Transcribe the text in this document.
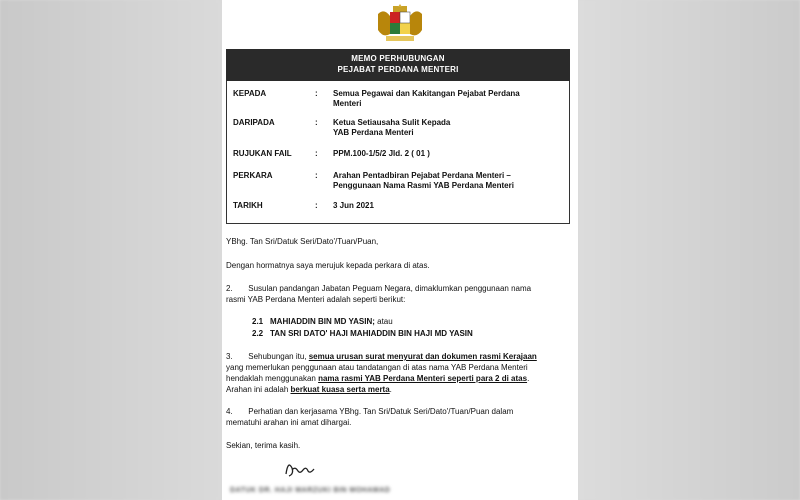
MEMO PERHUBUNGAN
PEJABAT PERDANA MENTERI
KEPADA	: Semua Pegawai dan Kakitangan Pejabat Perdana
Menteri
DARIPADA	: Ketua Setiausaha Sulit Kepada
YAB Perdana Menteri
RUJUKAN FAIL	: PPM.100-1/5/2 Jld. 2 ( 01 )
PERKARA	: Arahan Pentadbiran Pejabat Perdana Menteri –
Penggunaan Nama Rasmi YAB Perdana Menteri
TARIKH	: 3 Jun 2021
YBhg. Tan Sri/Datuk Seri/Dato'/Tuan/Puan,
Dengan hormatnya saya merujuk kepada perkara di atas.
2. Susulan pandangan Jabatan Peguam Negara, dimaklumkan penggunaan nama
rasmi YAB Perdana Menteri adalah seperti berikut:
2.1 MAHIADDIN BIN MD YASIN; atau
2.2 TAN SRI DATO' HAJI MAHIADDIN BIN HAJI MD YASIN
3. Sehubungan itu, semua urusan surat menyurat dan dokumen rasmi Kerajaan
yang memerlukan penggunaan atau tandatangan di atas nama YAB Perdana Menteri
hendaklah menggunakan nama rasmi YAB Perdana Menteri seperti para 2 di atas.
Arahan ini adalah berkuat kuasa serta merta.
4. Perhatian dan kerjasama YBhg. Tan Sri/Datuk Seri/Dato'/Tuan/Puan dalam
mematuhi arahan ini amat dihargai.
Sekian, terima kasih.
DATUK DR. HAJI MARZUKI BIN MOHAMAD
